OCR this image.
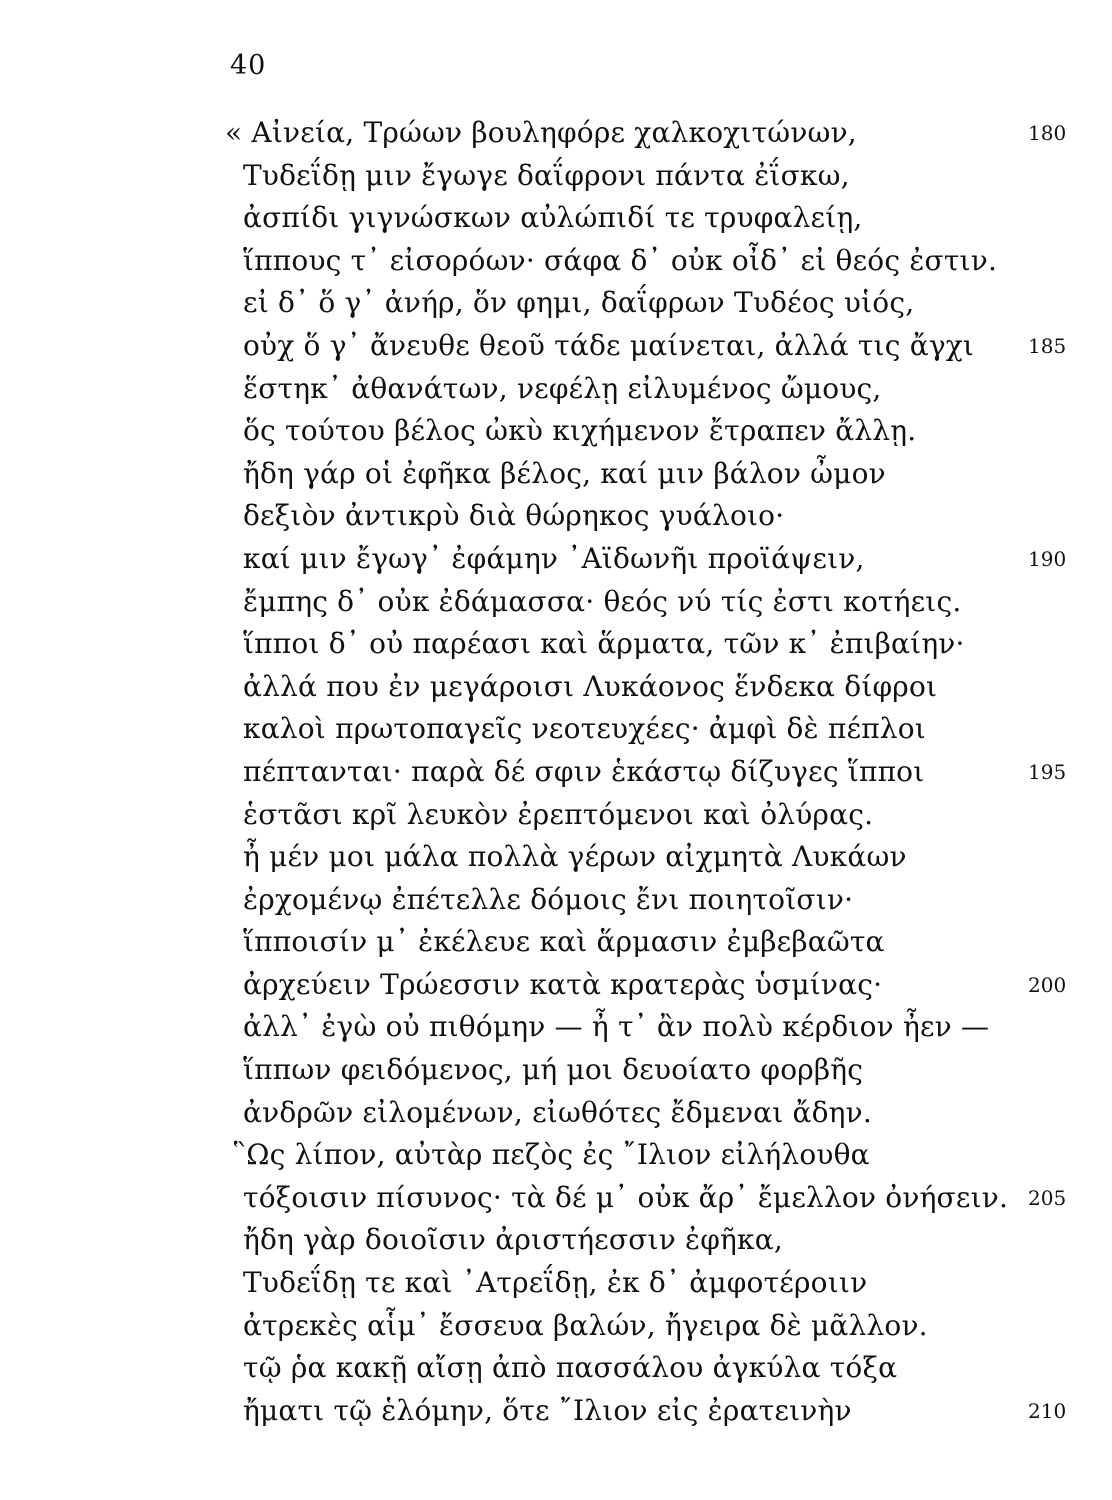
40
« Αἰνεία, Τρώων βουληφόρε χαλκοχιτώνων,	180
Τυδεΐδῃ μιν ἔγωγε δαΐφρονι πάντα ἐΐσκω,
ἀσπίδι γιγνώσκων αὐλώπιδί τε τρυφαλείῃ,
ἵππους τ᾽ εἰσορόων· σάφα δ᾽ οὐκ οἶδ᾽ εἰ θεός ἐστιν.
εἰ δ᾽ ὅ γ᾽ ἀνήρ, ὅν φημι, δαΐφρων Τυδέος υἱός,
οὐχ ὅ γ᾽ ἄνευθε θεοῦ τάδε μαίνεται, ἀλλά τις ἄγχι	185
ἕστηκ᾽ ἀθανάτων, νεφέλῃ εἰλυμένος ὤμους,
ὅς τούτου βέλος ὠκὺ κιχήμενον ἔτραπεν ἄλλῃ.
ἤδη γάρ οἱ ἐφῆκα βέλος, καί μιν βάλον ὦμον
δεξιὸν ἀντικρὺ διὰ θώρηκος γυάλοιο·
καί μιν ἔγωγ᾽ ἐφάμην ᾿Αϊδωνῆι προϊάψειν,	190
ἔμπης δ᾽ οὐκ ἐδάμασσα· θεός νύ τίς ἐστι κοτήεις.
ἵπποι δ᾽ οὐ παρέασι καὶ ἅρματα, τῶν κ᾽ ἐπιβαίην·
ἀλλά που ἐν μεγάροισι Λυκάονος ἕνδεκα δίφροι
καλοὶ πρωτοπαγεῖς νεοτευχέες· ἀμφὶ δὲ πέπλοι
πέπτανται· παρὰ δέ σφιν ἑκάστῳ δίζυγες ἵπποι	195
ἑστᾶσι κρῖ λευκὸν ἐρεπτόμενοι καὶ ὀλύρας.
ἦ μέν μοι μάλα πολλὰ γέρων αἰχμητὰ Λυκάων
ἐρχομένῳ ἐπέτελλε δόμοις ἔνι ποιητοῖσιν·
ἵπποισίν μ᾽ ἐκέλευε καὶ ἅρμασιν ἐμβεβαῶτα
ἀρχεύειν Τρώεσσιν κατὰ κρατερὰς ὑσμίνας·	200
ἀλλ᾽ ἐγὼ οὐ πιθόμην — ἦ τ᾽ ἂν πολὺ κέρδιον ἦεν —
ἵππων φειδόμενος, μή μοι δευοίατο φορβῆς
ἀνδρῶν εἰλομένων, εἰωθότες ἔδμεναι ἄδην.
῝Ως λίπον, αὐτὰρ πεζὸς ἐς ῎Ιλιον εἰλήλουθα
τόξοισιν πίσυνος· τὰ δέ μ᾽ οὐκ ἄρ᾽ ἔμελλον ὀνήσειν. 205
ἤδη γὰρ δοιοῖσιν ἀριστήεσσιν ἐφῆκα,
Τυδεΐδῃ τε καὶ ᾿Ατρεΐδῃ, ἐκ δ᾽ ἀμφοτέροιιν
ἀτρεκὲς αἷμ᾽ ἔσσευα βαλών, ἤγειρα δὲ μᾶλλον.
τῷ ῥα κακῇ αἴσῃ ἀπὸ πασσάλου ἀγκύλα τόξα
ἤματι τῷ ἑλόμην, ὅτε ῎Ιλιον εἰς ἐρατεινὴν	210
